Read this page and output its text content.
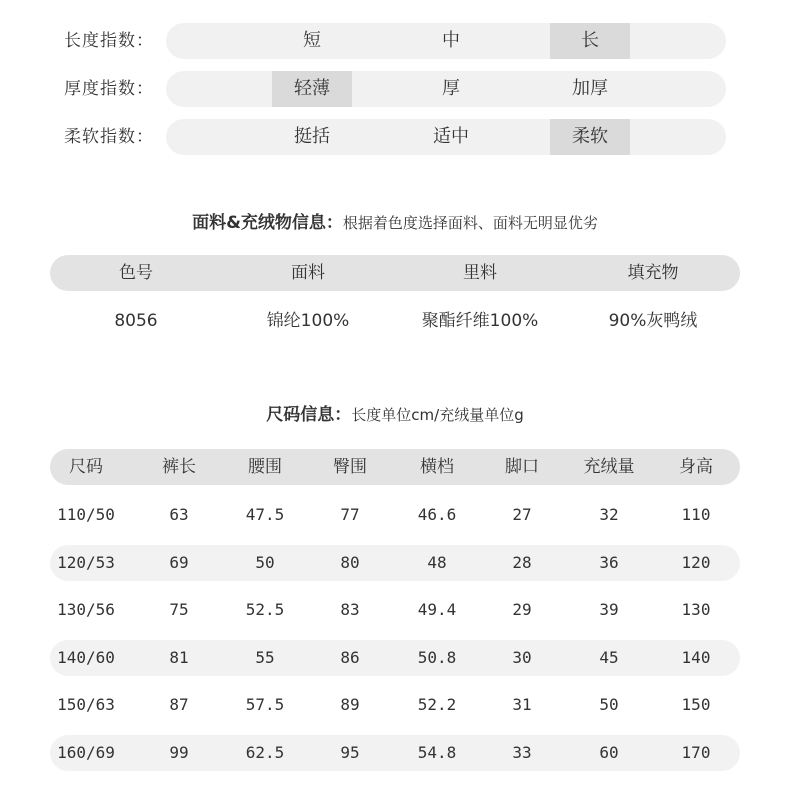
长度指数：	短	中	长
厚度指数：	轻薄	厚	加厚
柔软指数：	挺括	适中	柔软
面料&充绒物信息：根据着色度选择面料、面料无明显优劣
色号	面料	里料	填充物
8056	锦纶100%	聚酯纤维100%	90%灰鸭绒
尺码信息：长度单位cm/充绒量单位g
尺码	裤长	腰围	臀围	横档	脚口	充绒量	身高
110/50	63	47.5	77	46.6	27	32	110
120/53	69	50	80	48	28	36	120
130/56	75	52.5	83	49.4	29	39	130
140/60	81	55	86	50.8	30	45	140
150/63	87	57.5	89	52.2	31	50	150
160/69	99	62.5	95	54.8	33	60	170
